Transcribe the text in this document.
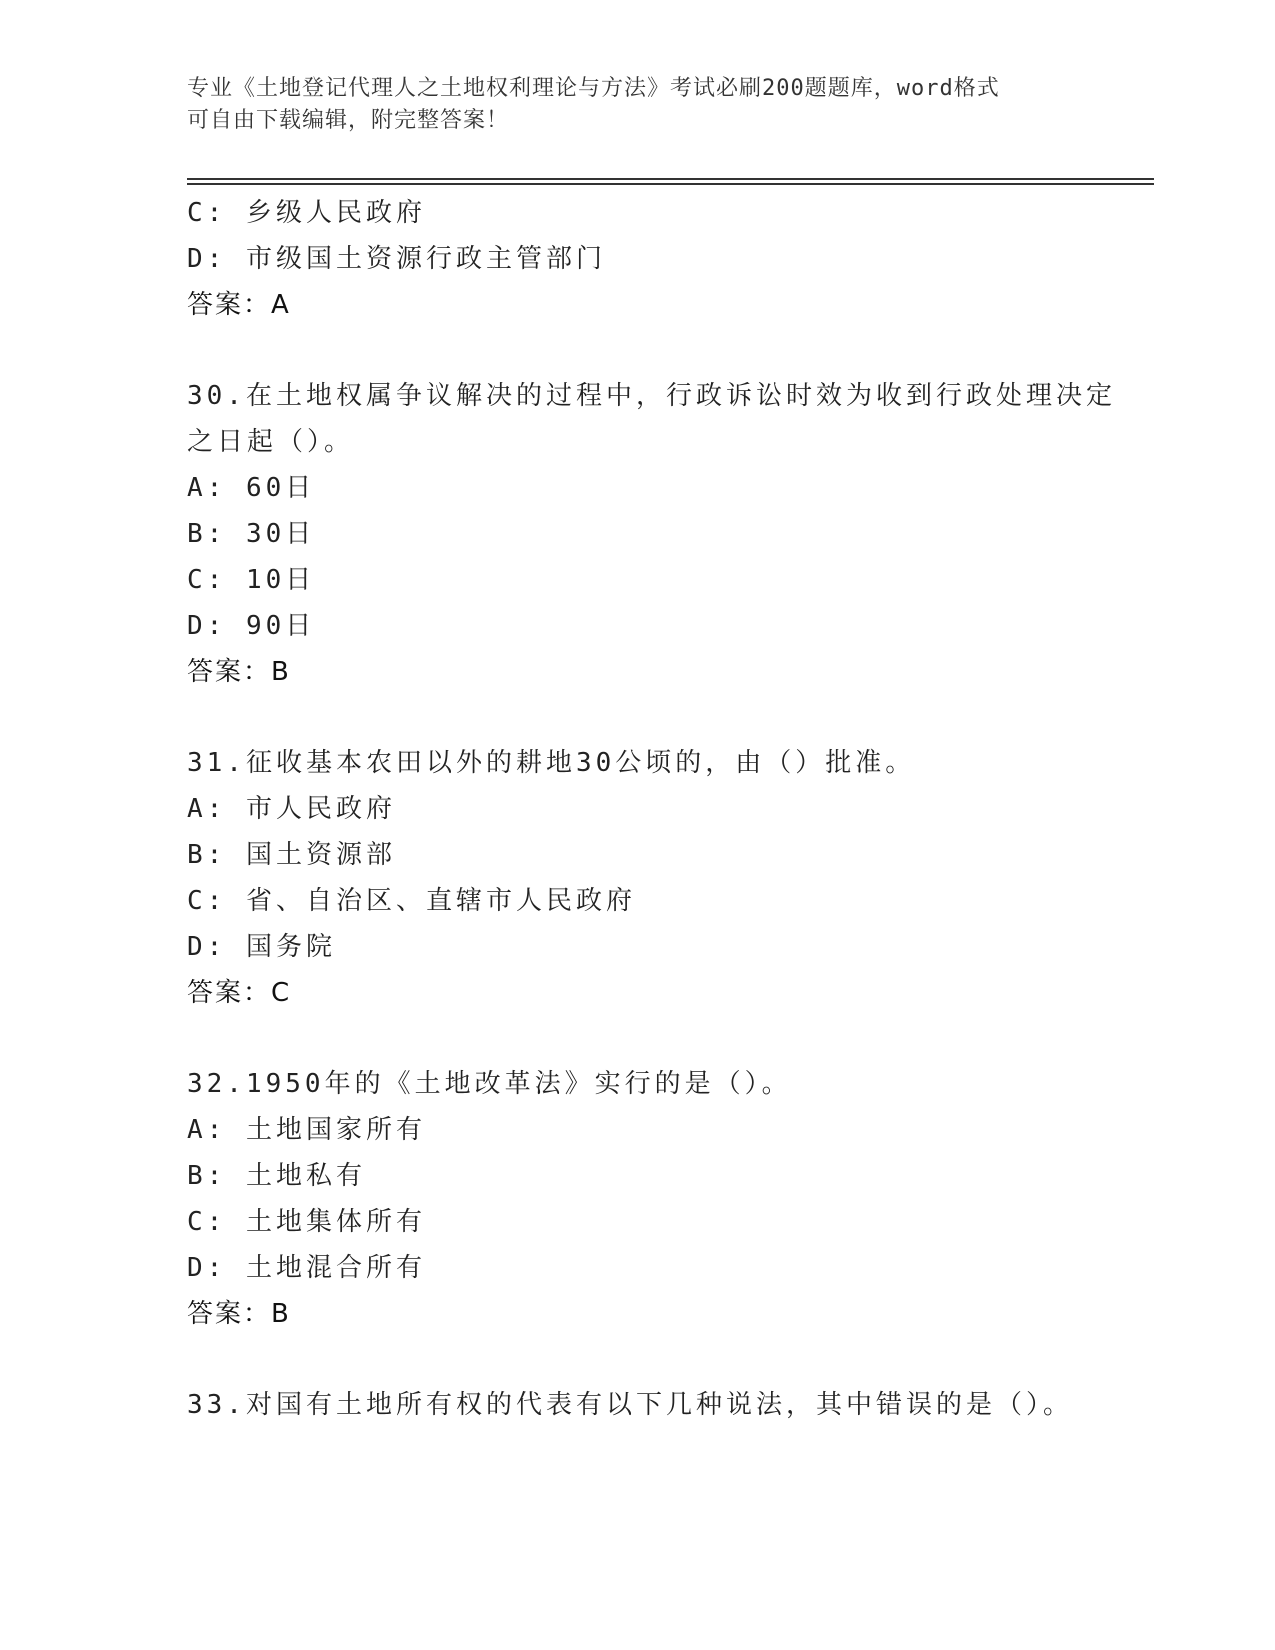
专业《土地登记代理人之土地权利理论与方法》考试必刷200题题库，word格式
可自由下载编辑，附完整答案！
C: 乡级人民政府
D: 市级国土资源行政主管部门
答案：A
30.在土地权属争议解决的过程中，行政诉讼时效为收到行政处理决定
之日起（）。
A: 60日
B: 30日
C: 10日
D: 90日
答案：B
31.征收基本农田以外的耕地30公顷的，由（）批准。
A: 市人民政府
B: 国土资源部
C: 省、自治区、直辖市人民政府
D: 国务院
答案：C
32.1950年的《土地改革法》实行的是（）。
A: 土地国家所有
B: 土地私有
C: 土地集体所有
D: 土地混合所有
答案：B
33.对国有土地所有权的代表有以下几种说法，其中错误的是（）。
